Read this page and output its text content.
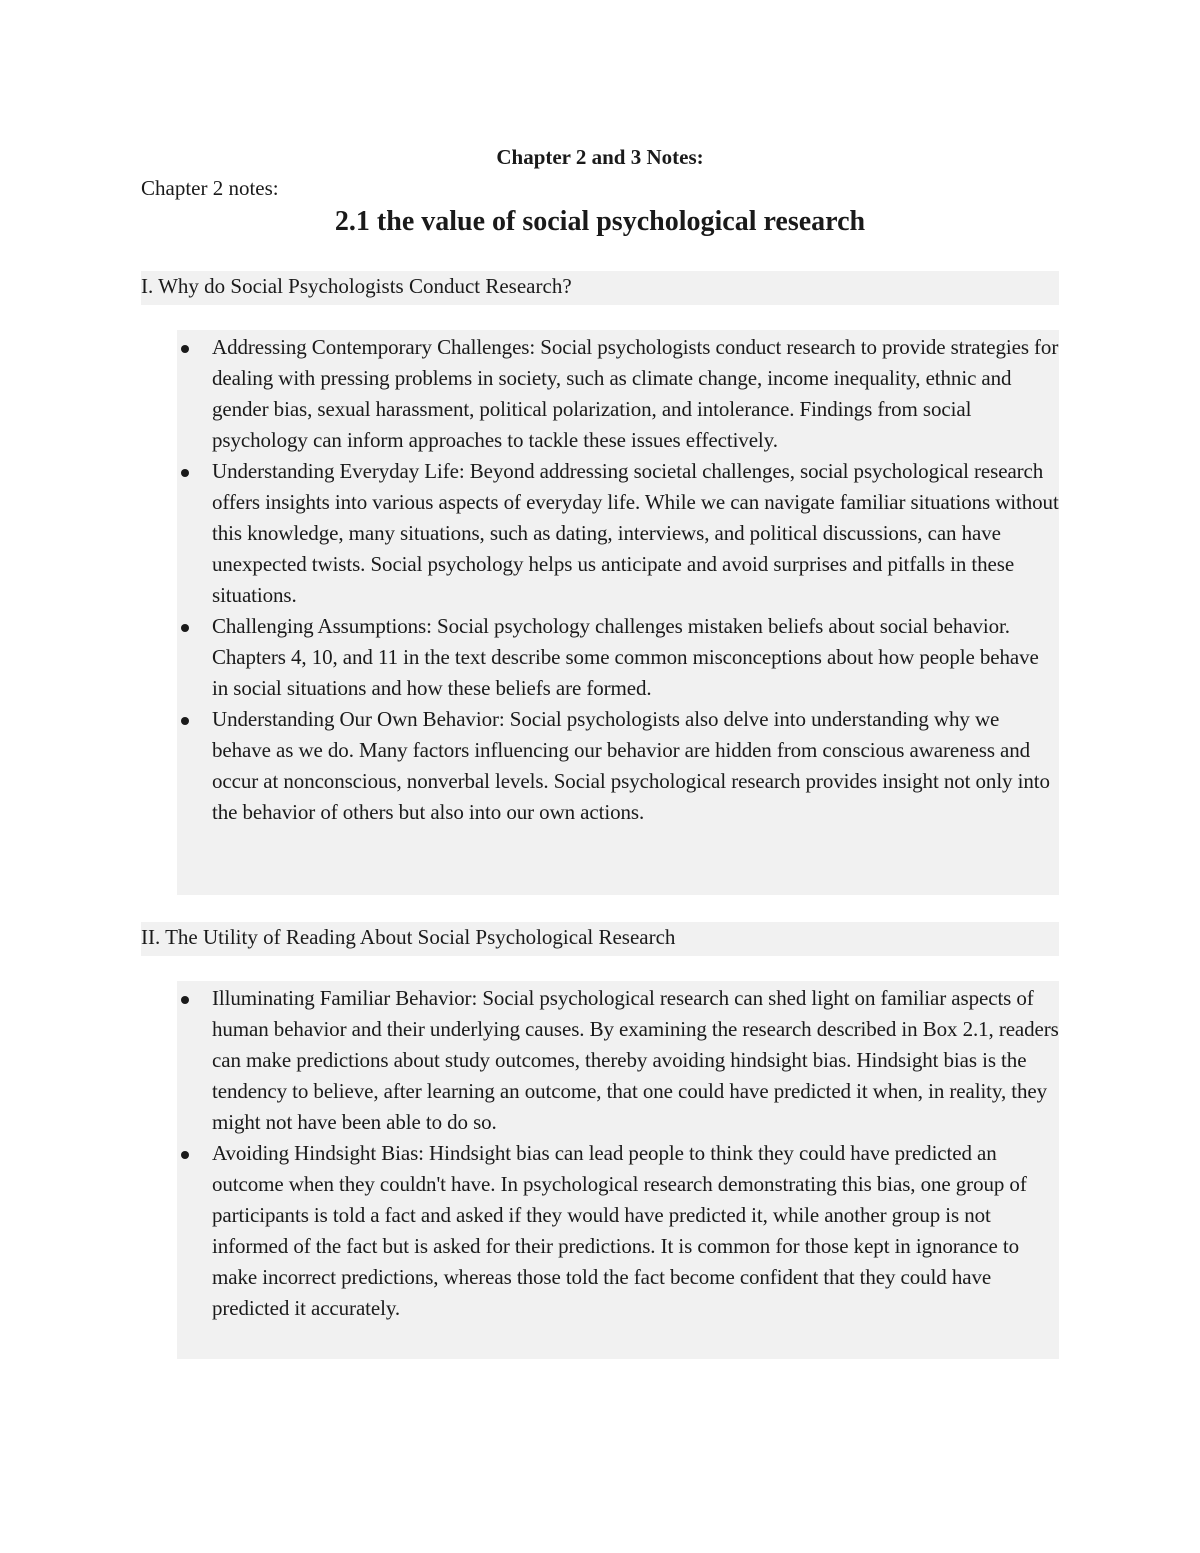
Chapter 2 and 3 Notes:
Chapter 2 notes:
2.1 the value of social psychological research
I. Why do Social Psychologists Conduct Research?
Addressing Contemporary Challenges: Social psychologists conduct research to provide strategies for dealing with pressing problems in society, such as climate change, income inequality, ethnic and gender bias, sexual harassment, political polarization, and intolerance. Findings from social psychology can inform approaches to tackle these issues effectively.
Understanding Everyday Life: Beyond addressing societal challenges, social psychological research offers insights into various aspects of everyday life. While we can navigate familiar situations without this knowledge, many situations, such as dating, interviews, and political discussions, can have unexpected twists. Social psychology helps us anticipate and avoid surprises and pitfalls in these situations.
Challenging Assumptions: Social psychology challenges mistaken beliefs about social behavior. Chapters 4, 10, and 11 in the text describe some common misconceptions about how people behave in social situations and how these beliefs are formed.
Understanding Our Own Behavior: Social psychologists also delve into understanding why we behave as we do. Many factors influencing our behavior are hidden from conscious awareness and occur at nonconscious, nonverbal levels. Social psychological research provides insight not only into the behavior of others but also into our own actions.
II. The Utility of Reading About Social Psychological Research
Illuminating Familiar Behavior: Social psychological research can shed light on familiar aspects of human behavior and their underlying causes. By examining the research described in Box 2.1, readers can make predictions about study outcomes, thereby avoiding hindsight bias. Hindsight bias is the tendency to believe, after learning an outcome, that one could have predicted it when, in reality, they might not have been able to do so.
Avoiding Hindsight Bias: Hindsight bias can lead people to think they could have predicted an outcome when they couldn't have. In psychological research demonstrating this bias, one group of participants is told a fact and asked if they would have predicted it, while another group is not informed of the fact but is asked for their predictions. It is common for those kept in ignorance to make incorrect predictions, whereas those told the fact become confident that they could have predicted it accurately.
